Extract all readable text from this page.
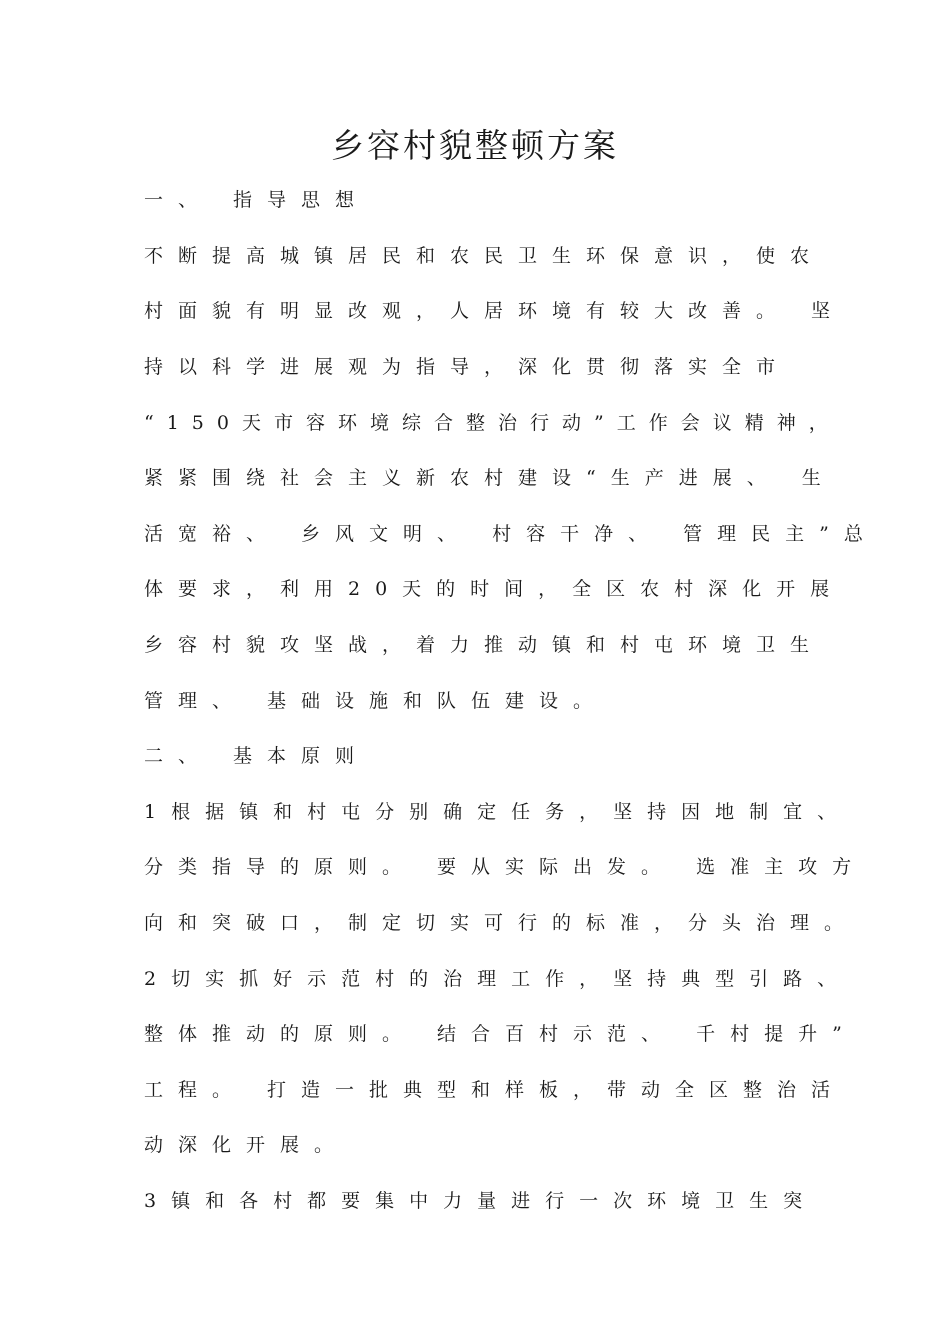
乡容村貌整顿方案
一、 指导思想
不断提高城镇居民和农民卫生环保意识，使农
村面貌有明显改观，人居环境有较大改善。 坚
持以科学进展观为指导，深化贯彻落实全市
“150天市容环境综合整治行动”工作会议精神，
紧紧围绕社会主义新农村建设“生产进展、 生
活宽裕、 乡风文明、 村容干净、 管理民主”总
体要求，利用20天的时间，全区农村深化开展
乡容村貌攻坚战，着力推动镇和村屯环境卫生
管理、 基础设施和队伍建设。
二、 基本原则
1根据镇和村屯分别确定任务，坚持因地制宜、
分类指导的原则。 要从实际出发。 选准主攻方
向和突破口，制定切实可行的标准，分头治理。
2切实抓好示范村的治理工作，坚持典型引路、
整体推动的原则。 结合百村示范、 千村提升”
工程。 打造一批典型和样板，带动全区整治活
动深化开展。
3镇和各村都要集中力量进行一次环境卫生突
